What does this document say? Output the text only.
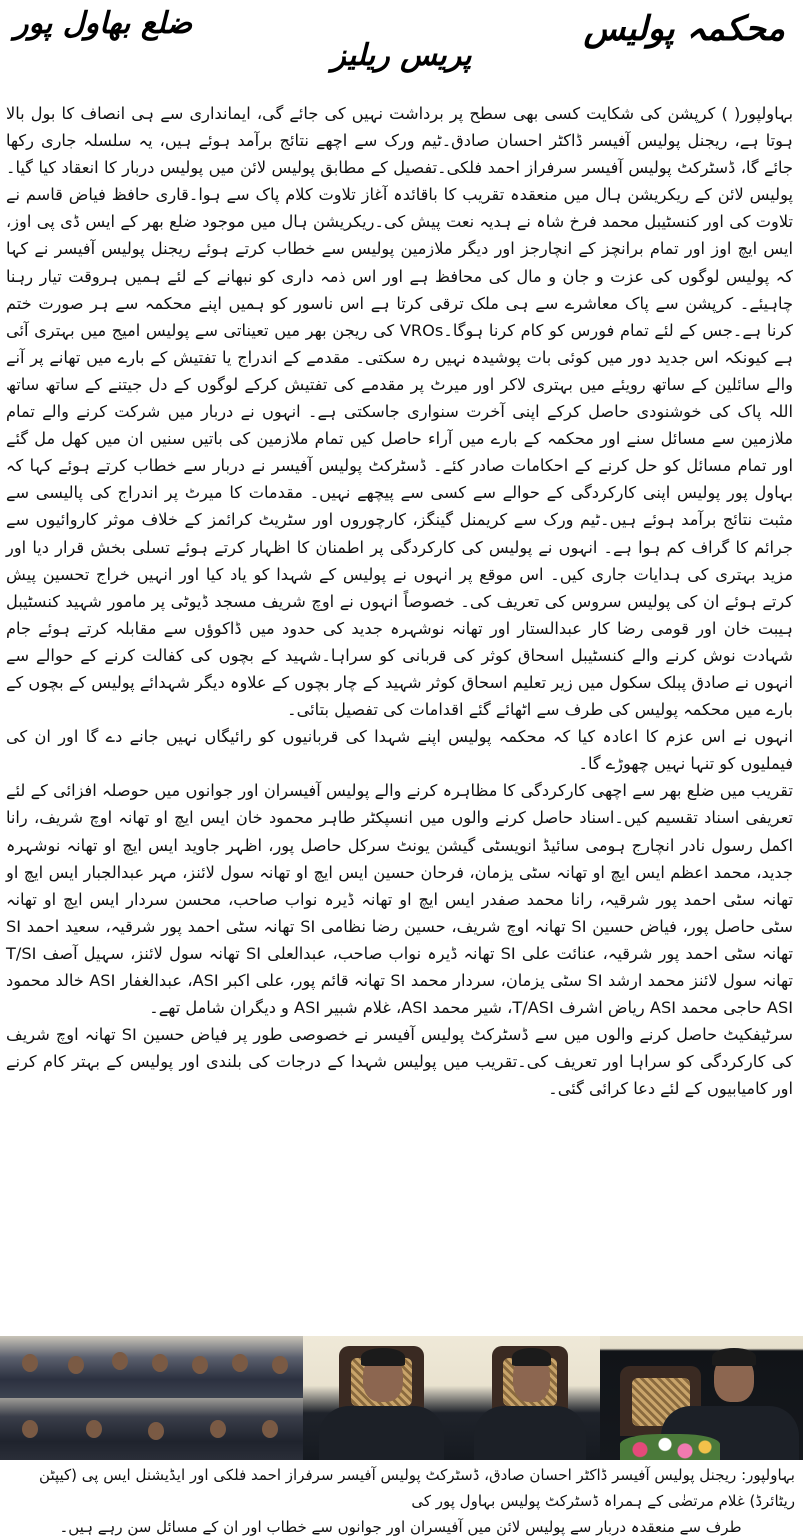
محکمہ پولیس
ضلع بھاول پور
پریس ریلیز

بہاولپور( ) کرپشن کی شکایت کسی بھی سطح پر برداشت نہیں کی جائے گی، ایمانداری سے ہی انصاف کا بول بالا ہوتا ہے، ریجنل پولیس آفیسر ڈاکٹر احسان صادق۔ٹیم ورک سے اچھے نتائج برآمد ہوئے ہیں، یہ سلسلہ جاری رکھا جائے گا، ڈسٹرکٹ پولیس آفیسر سرفراز احمد فلکی۔تفصیل کے مطابق پولیس لائن میں پولیس دربار کا انعقاد کیا گیا۔ پولیس لائن کے ریکریشن ہال میں منعقدہ تقریب کا باقائدہ آغاز تلاوت کلام پاک سے ہوا۔قاری حافظ فیاض قاسم نے تلاوت کی اور کنسٹیبل محمد فرخ شاہ نے ہدیہ نعت پیش کی۔ریکریشن ہال میں موجود ضلع بھر کے ایس ڈی پی اوز، ایس ایچ اوز اور تمام برانچز کے انچارجز اور دیگر ملازمین پولیس سے خطاب کرتے ہوئے ریجنل پولیس آفیسر نے کہا کہ پولیس لوگوں کی عزت و جان و مال کی محافظ ہے اور اس ذمہ داری کو نبھانے کے لئے ہمیں ہروقت تیار رہنا چاہیئے۔ کرپشن سے پاک معاشرے سے ہی ملک ترقی کرتا ہے اس ناسور کو ہمیں اپنے محکمہ سے ہر صورت ختم کرنا ہے۔جس کے لئے تمام فورس کو کام کرنا ہوگا۔VROs کی ریجن بھر میں تعیناتی سے پولیس امیج میں بہتری آئی ہے کیونکہ اس جدید دور میں کوئی بات پوشیدہ نہیں رہ سکتی۔ مقدمے کے اندراج یا تفتیش کے بارے میں تھانے پر آنے والے سائلین کے ساتھ رویئے میں بہتری لاکر اور میرٹ پر مقدمے کی تفتیش کرکے لوگوں کے دل جیتنے کے ساتھ ساتھ اللہ پاک کی خوشنودی حاصل کرکے اپنی آخرت سنواری جاسکتی ہے۔ انہوں نے دربار میں شرکت کرنے والے تمام ملازمین سے مسائل سنے اور محکمہ کے بارے میں آراء حاصل کیں تمام ملازمین کی باتیں سنیں ان میں کھل مل گئے اور تمام مسائل کو حل کرنے کے احکامات صادر کئے۔ ڈسٹرکٹ پولیس آفیسر نے دربار سے خطاب کرتے ہوئے کہا کہ بہاول پور پولیس اپنی کارکردگی کے حوالے سے کسی سے پیچھے نہیں۔ مقدمات کا میرٹ پر اندراج کی پالیسی سے مثبت نتائج برآمد ہوئے ہیں۔ٹیم ورک سے کریمنل گینگز، کارچوروں اور سٹریٹ کرائمز کے خلاف موثر کاروائیوں سے جرائم کا گراف کم ہوا ہے۔ انہوں نے پولیس کی کارکردگی پر اطمنان کا اظہار کرتے ہوئے تسلی بخش قرار دیا اور مزید بہتری کی ہدایات جاری کیں۔ اس موقع پر انہوں نے پولیس کے شہدا کو یاد کیا اور انہیں خراج تحسین پیش کرتے ہوئے ان کی پولیس سروس کی تعریف کی۔ خصوصاً انہوں نے اوچ شریف مسجد ڈیوٹی پر مامور شہید کنسٹیبل ہیبت خان اور قومی رضا کار عبدالستار اور تھانہ نوشہرہ جدید کی حدود میں ڈاکوؤں سے مقابلہ کرتے ہوئے جام شہادت نوش کرنے والے کنسٹیبل اسحاق کوثر کی قربانی کو سراہا۔شہید کے بچوں کی کفالت کرنے کے حوالے سے انہوں نے صادق پبلک سکول میں زیر تعلیم اسحاق کوثر شہید کے چار بچوں کے علاوہ دیگر شہدائے پولیس کے بچوں کے بارے میں محکمہ پولیس کی طرف سے اٹھائے گئے اقدامات کی تفصیل بتائی۔

انہوں نے اس عزم کا اعادہ کیا کہ محکمہ پولیس اپنے شہدا کی قربانیوں کو رائیگاں نہیں جانے دے گا اور ان کی فیملیوں کو تنہا نہیں چھوڑے گا۔

تقریب میں ضلع بھر سے اچھی کارکردگی کا مظاہرہ کرنے والے پولیس آفیسران اور جوانوں میں حوصلہ افزائی کے لئے تعریفی اسناد تقسیم کیں۔اسناد حاصل کرنے والوں میں انسپکٹر طاہر محمود خان ایس ایچ او تھانہ اوچ شریف، رانا اکمل رسول نادر انچارج ہومی سائیڈ انویسٹی گیشن یونٹ سرکل حاصل پور، اظہر جاوید ایس ایچ او تھانہ نوشہرہ جدید، محمد اعظم ایس ایچ او تھانہ سٹی یزمان، فرحان حسین ایس ایچ او تھانہ سول لائنز، مہر عبدالجبار ایس ایچ او تھانہ سٹی احمد پور شرقیہ، رانا محمد صفدر ایس ایچ او تھانہ ڈیرہ نواب صاحب، محسن سردار ایس ایچ او تھانہ سٹی حاصل پور، فیاض حسین SI تھانہ اوچ شریف، حسین رضا نظامی SI تھانہ سٹی احمد پور شرقیہ، سعید احمد SI تھانہ سٹی احمد پور شرقیہ، عنائت علی SI تھانہ ڈیرہ نواب صاحب، عبدالعلی SI تھانہ سول لائنز، سہیل آصف T/SI تھانہ سول لائنز محمد ارشد SI سٹی یزمان، سردار محمد SI تھانہ قائم پور، علی اکبر ASI، عبدالغفار ASI خالد محمود ASI حاجی محمد ASI ریاض اشرف T/ASI، شیر محمد ASI، غلام شبیر ASI و دیگران شامل تھے۔

سرٹیفکیٹ حاصل کرنے والوں میں سے ڈسٹرکٹ پولیس آفیسر نے خصوصی طور پر فیاض حسین SI تھانہ اوچ شریف کی کارکردگی کو سراہا اور تعریف کی۔تقریب میں پولیس شہدا کے درجات کی بلندی اور پولیس کے بہتر کام کرنے اور کامیابیوں کے لئے دعا کرائی گئی۔

بہاولپور: ریجنل پولیس آفیسر ڈاکٹر احسان صادق، ڈسٹرکٹ پولیس آفیسر سرفراز احمد فلکی اور ایڈیشنل ایس پی (کیپٹن ریٹائرڈ) غلام مرتضٰی کے ہمراہ ڈسٹرکٹ پولیس بہاول پور کی
طرف سے منعقدہ دربار سے پولیس لائن میں آفیسران اور جوانوں سے خطاب اور ان کے مسائل سن رہے ہیں۔
